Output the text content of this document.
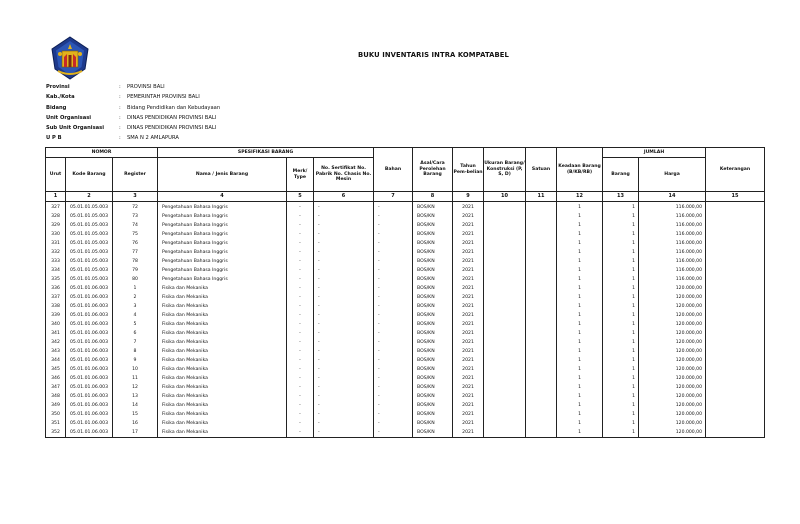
BUKU INVENTARIS INTRA KOMPATABEL
Provinsi	: PROVINSI BALI
Kab./Kota	: PEMERINTAH PROVINSI BALI
Bidang	: Bidang Pendidikan dan Kebudayaan
Unit Organisasi	: DINAS PENDIDIKAN PROVINSI BALI
Sub Unit Organisasi	: DINAS PENDIDIKAN PROVINSI BALI
U P B	: SMA N 2 AMLAPURA
NOMOR			SPESIFIKASI BARANG			Bahan	Asal/Cara Perolehan Barang	Tahun Pem-belian	Ukuran Barang/ Konstruksi (P, S, D)	Satuan	Keadaan Barang (B/KB/RB)	JUMLAH		Keterangan
Urut	Kode Barang	Register	Nama / Jenis Barang	Merk/ Type	No. Sertifikat No. Pabrik No. Chasis No. Mesin							Barang	Harga	
1	2	3	4	5	6	7	8	9	10	11	12	13	14	15
327	05.01.01.05.003	72	Pengetahuan Bahasa Inggris	-	-	-	BOS/KN	2021			1	1	116.000,00	
328	05.01.01.05.003	73	Pengetahuan Bahasa Inggris	-	-	-	BOS/KN	2021			1	1	116.000,00	
329	05.01.01.05.003	74	Pengetahuan Bahasa Inggris	-	-	-	BOS/KN	2021			1	1	116.000,00	
330	05.01.01.05.003	75	Pengetahuan Bahasa Inggris	-	-	-	BOS/KN	2021			1	1	116.000,00	
331	05.01.01.05.003	76	Pengetahuan Bahasa Inggris	-	-	-	BOS/KN	2021			1	1	116.000,00	
332	05.01.01.05.003	77	Pengetahuan Bahasa Inggris	-	-	-	BOS/KN	2021			1	1	116.000,00	
333	05.01.01.05.003	78	Pengetahuan Bahasa Inggris	-	-	-	BOS/KN	2021			1	1	116.000,00	
334	05.01.01.05.003	79	Pengetahuan Bahasa Inggris	-	-	-	BOS/KN	2021			1	1	116.000,00	
335	05.01.01.05.003	80	Pengetahuan Bahasa Inggris	-	-	-	BOS/KN	2021			1	1	116.000,00	
336	05.01.01.06.003	1	Fisika dan Mekanika	-	-	-	BOS/KN	2021			1	1	120.000,00	
337	05.01.01.06.003	2	Fisika dan Mekanika	-	-	-	BOS/KN	2021			1	1	120.000,00	
338	05.01.01.06.003	3	Fisika dan Mekanika	-	-	-	BOS/KN	2021			1	1	120.000,00	
339	05.01.01.06.003	4	Fisika dan Mekanika	-	-	-	BOS/KN	2021			1	1	120.000,00	
340	05.01.01.06.003	5	Fisika dan Mekanika	-	-	-	BOS/KN	2021			1	1	120.000,00	
341	05.01.01.06.003	6	Fisika dan Mekanika	-	-	-	BOS/KN	2021			1	1	120.000,00	
342	05.01.01.06.003	7	Fisika dan Mekanika	-	-	-	BOS/KN	2021			1	1	120.000,00	
343	05.01.01.06.003	8	Fisika dan Mekanika	-	-	-	BOS/KN	2021			1	1	120.000,00	
344	05.01.01.06.003	9	Fisika dan Mekanika	-	-	-	BOS/KN	2021			1	1	120.000,00	
345	05.01.01.06.003	10	Fisika dan Mekanika	-	-	-	BOS/KN	2021			1	1	120.000,00	
346	05.01.01.06.003	11	Fisika dan Mekanika	-	-	-	BOS/KN	2021			1	1	120.000,00	
347	05.01.01.06.003	12	Fisika dan Mekanika	-	-	-	BOS/KN	2021			1	1	120.000,00	
348	05.01.01.06.003	13	Fisika dan Mekanika	-	-	-	BOS/KN	2021			1	1	120.000,00	
349	05.01.01.06.003	14	Fisika dan Mekanika	-	-	-	BOS/KN	2021			1	1	120.000,00	
350	05.01.01.06.003	15	Fisika dan Mekanika	-	-	-	BOS/KN	2021			1	1	120.000,00	
351	05.01.01.06.003	16	Fisika dan Mekanika	-	-	-	BOS/KN	2021			1	1	120.000,00	
352	05.01.01.06.003	17	Fisika dan Mekanika	-	-	-	BOS/KN	2021			1	1	120.000,00	
